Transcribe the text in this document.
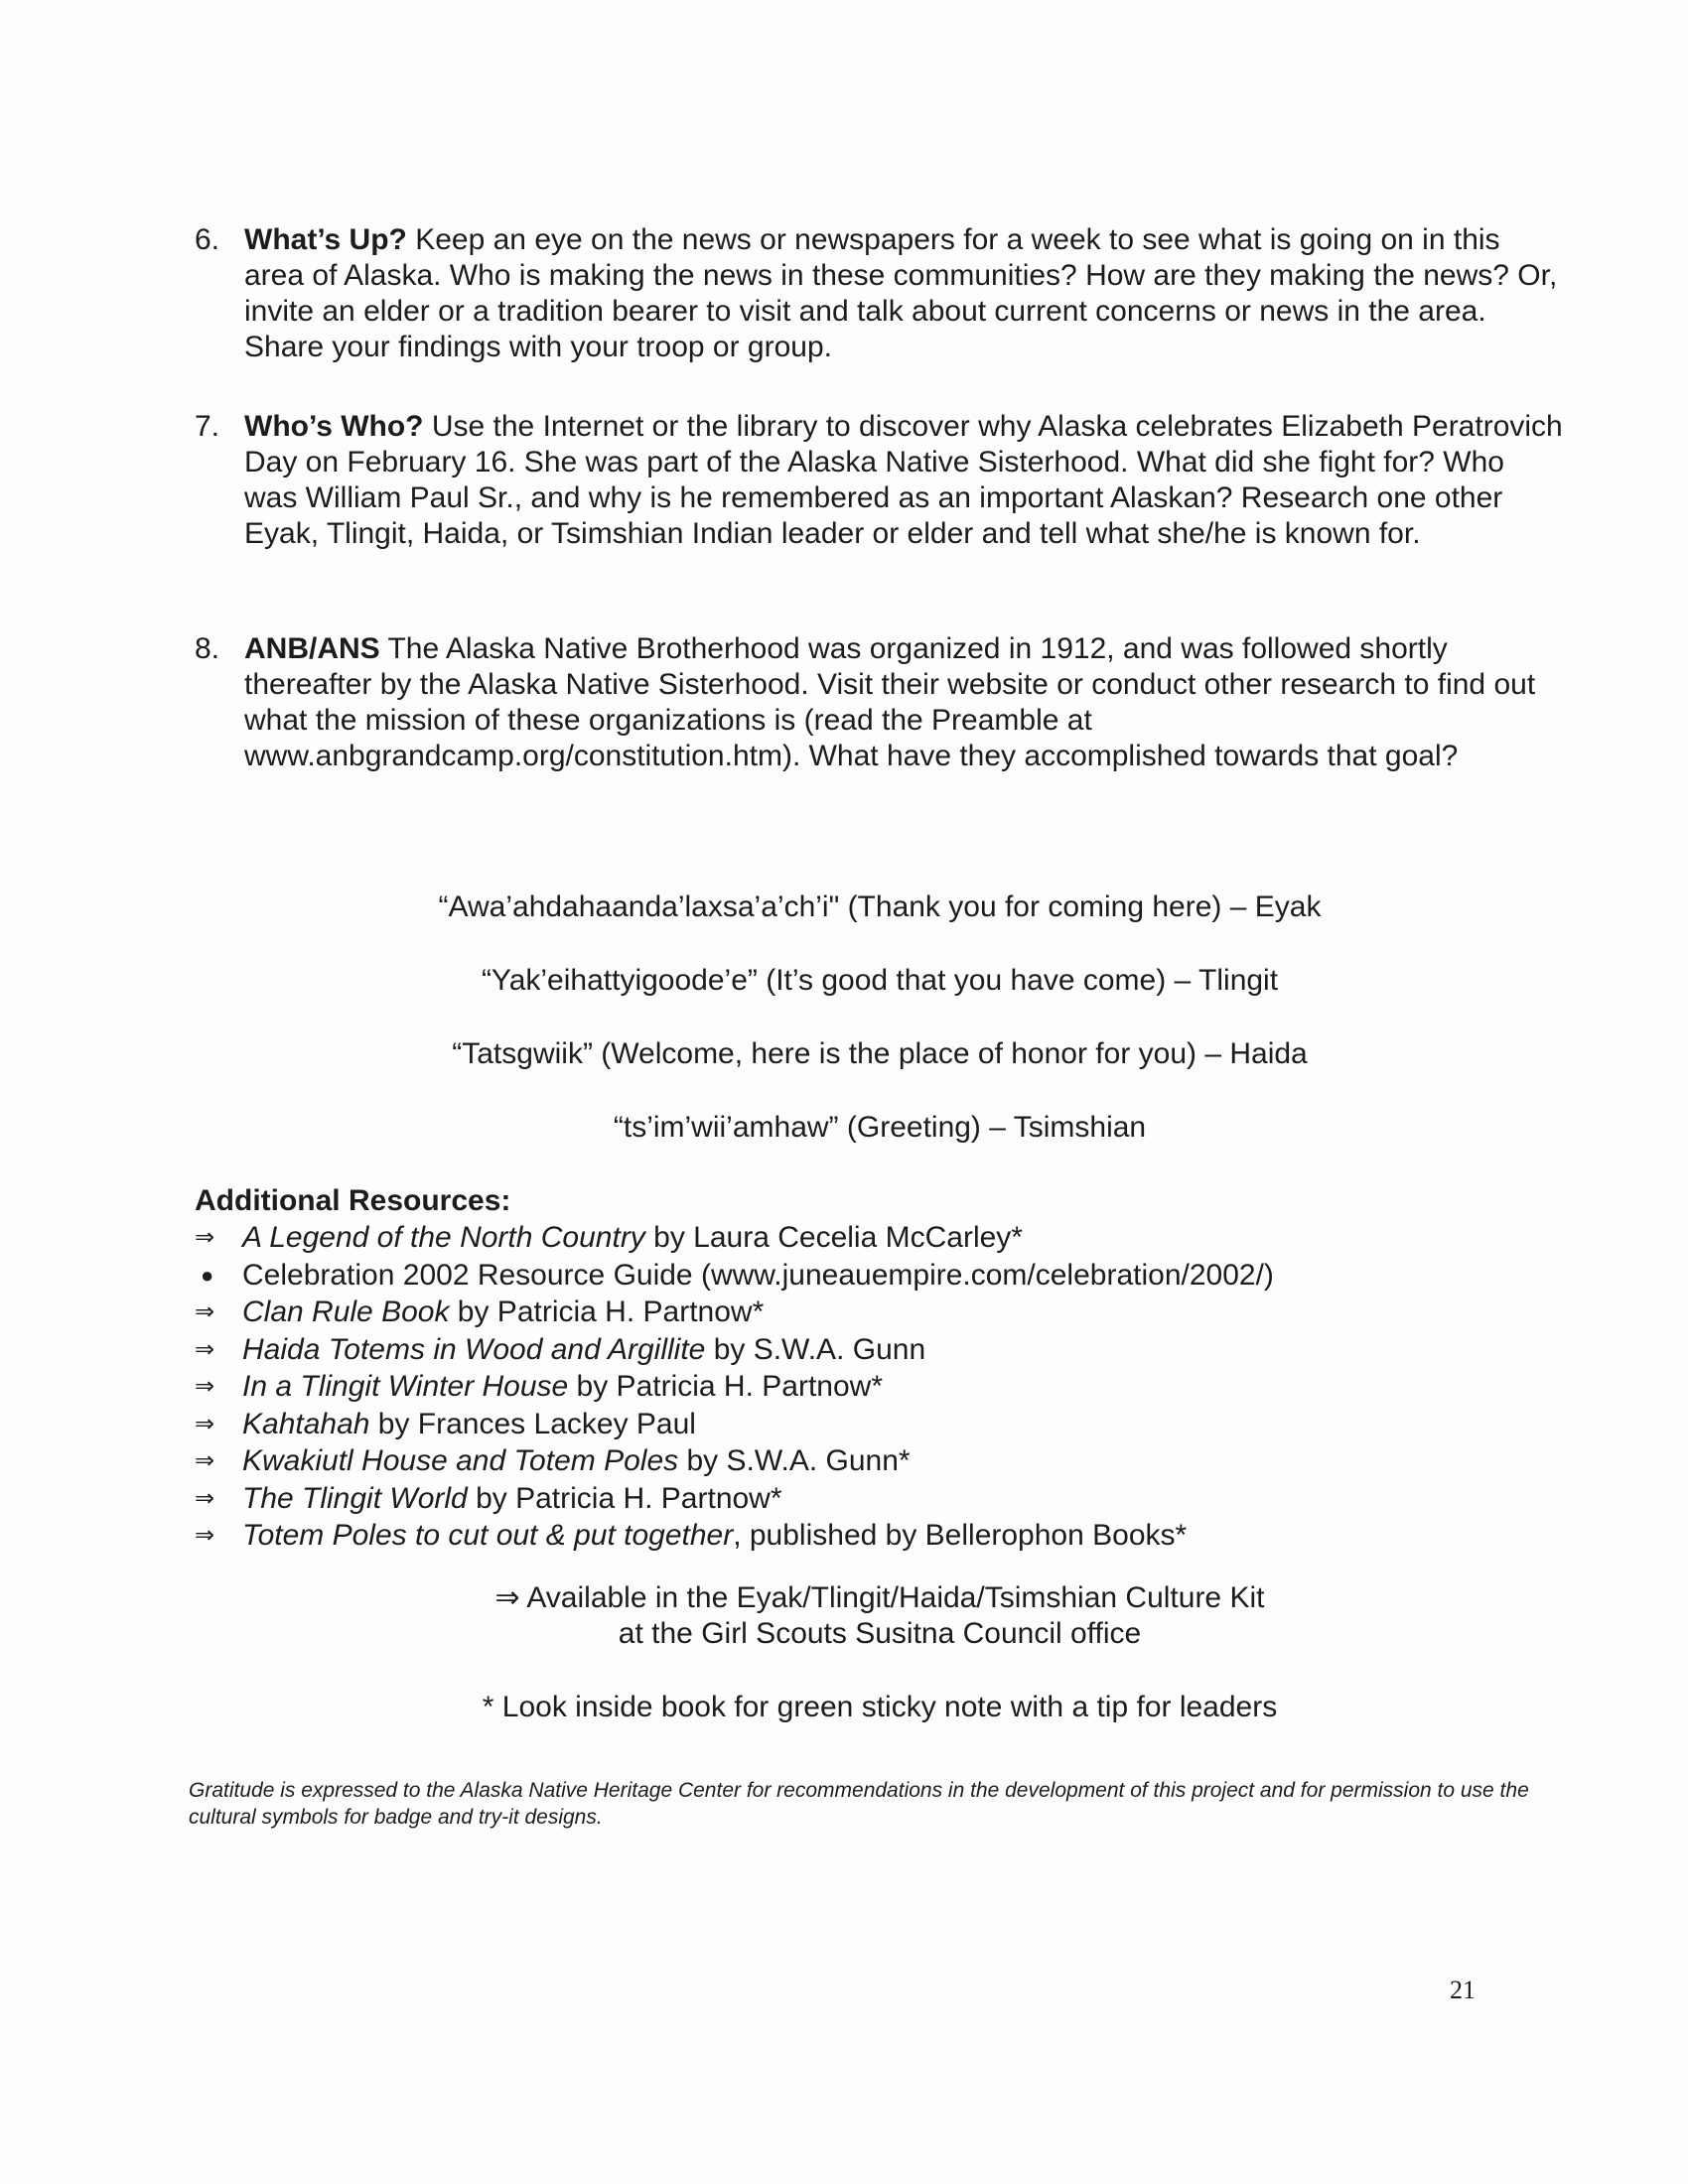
6. What’s Up? Keep an eye on the news or newspapers for a week to see what is going on in this area of Alaska. Who is making the news in these communities? How are they making the news? Or, invite an elder or a tradition bearer to visit and talk about current concerns or news in the area. Share your findings with your troop or group.
7. Who’s Who? Use the Internet or the library to discover why Alaska celebrates Elizabeth Peratrovich Day on February 16. She was part of the Alaska Native Sisterhood. What did she fight for? Who was William Paul Sr., and why is he remembered as an important Alaskan? Research one other Eyak, Tlingit, Haida, or Tsimshian Indian leader or elder and tell what she/he is known for.
8. ANB/ANS The Alaska Native Brotherhood was organized in 1912, and was followed shortly thereafter by the Alaska Native Sisterhood. Visit their website or conduct other research to find out what the mission of these organizations is (read the Preamble at www.anbgrandcamp.org/constitution.htm). What have they accomplished towards that goal?
“Awa’ahdahaanda’laxsa’a’ch’i" (Thank you for coming here) – Eyak
“Yak’eihattyigoode’e” (It’s good that you have come) – Tlingit
“Tatsgwiik” (Welcome, here is the place of honor for you) – Haida
“ts’im’wii’amhaw” (Greeting) – Tsimshian
Additional Resources:
⇒ A Legend of the North Country by Laura Cecelia McCarley*
● Celebration 2002 Resource Guide (www.juneauempire.com/celebration/2002/)
⇒ Clan Rule Book by Patricia H. Partnow*
⇒ Haida Totems in Wood and Argillite by S.W.A. Gunn
⇒ In a Tlingit Winter House by Patricia H. Partnow*
⇒ Kahtahah by Frances Lackey Paul
⇒ Kwakiutl House and Totem Poles by S.W.A. Gunn*
⇒ The Tlingit World by Patricia H. Partnow*
⇒ Totem Poles to cut out & put together, published by Bellerophon Books*
⇒ Available in the Eyak/Tlingit/Haida/Tsimshian Culture Kit
at the Girl Scouts Susitna Council office
* Look inside book for green sticky note with a tip for leaders
Gratitude is expressed to the Alaska Native Heritage Center for recommendations in the development of this project and for permission to use the cultural symbols for badge and try-it designs.
21
